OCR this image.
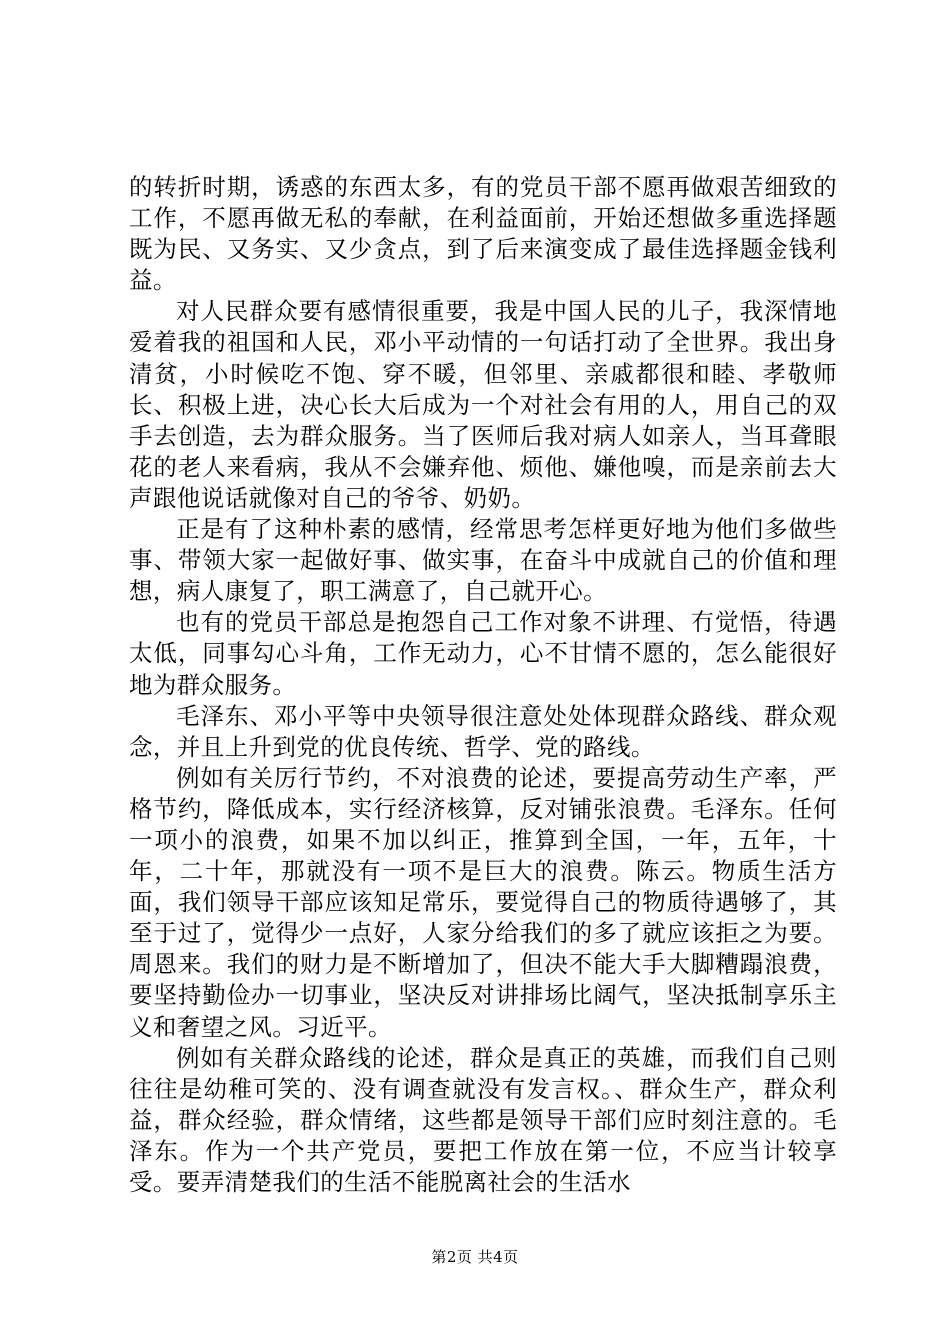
的转折时期，诱惑的东西太多，有的党员干部不愿再做艰苦细致的工作，不愿再做无私的奉献，在利益面前，开始还想做多重选择题既为民、又务实、又少贪点，到了后来演变成了最佳选择题金钱利益。

对人民群众要有感情很重要，我是中国人民的儿子，我深情地爱着我的祖国和人民，邓小平动情的一句话打动了全世界。我出身清贫，小时候吃不饱、穿不暖，但邻里、亲戚都很和睦、孝敬师长、积极上进，决心长大后成为一个对社会有用的人，用自己的双手去创造，去为群众服务。当了医师后我对病人如亲人，当耳聋眼花的老人来看病，我从不会嫌弃他、烦他、嫌他嗅，而是亲前去大声跟他说话就像对自己的爷爷、奶奶。

正是有了这种朴素的感情，经常思考怎样更好地为他们多做些事、带领大家一起做好事、做实事，在奋斗中成就自己的价值和理想，病人康复了，职工满意了，自己就开心。

也有的党员干部总是抱怨自己工作对象不讲理、冇觉悟，待遇太低，同事勾心斗角，工作无动力，心不甘情不愿的，怎么能很好地为群众服务。

毛泽东、邓小平等中央领导很注意处处体现群众路线、群众观念，并且上升到党的优良传统、哲学、党的路线。

例如有关厉行节约，不对浪费的论述，要提高劳动生产率，严格节约，降低成本，实行经济核算，反对铺张浪费。毛泽东。任何一项小的浪费，如果不加以纠正，推算到全国，一年，五年，十年，二十年，那就没有一项不是巨大的浪费。陈云。物质生活方面，我们领导干部应该知足常乐，要觉得自己的物质待遇够了，其至于过了，觉得少一点好，人家分给我们的多了就应该拒之为要。周恩来。我们的财力是不断增加了，但决不能大手大脚糟蹋浪费，要坚持勤俭办一切事业，坚决反对讲排场比阔气，坚决抵制享乐主义和奢望之风。习近平。

例如有关群众路线的论述，群众是真正的英雄，而我们自己则往往是幼稚可笑的、没有调查就没有发言权。、群众生产，群众利益，群众经验，群众情绪，这些都是领导干部们应时刻注意的。毛泽东。作为一个共产党员，要把工作放在第一位，不应当计较享受。要弄清楚我们的生活不能脱离社会的生活水

第2页 共4页
